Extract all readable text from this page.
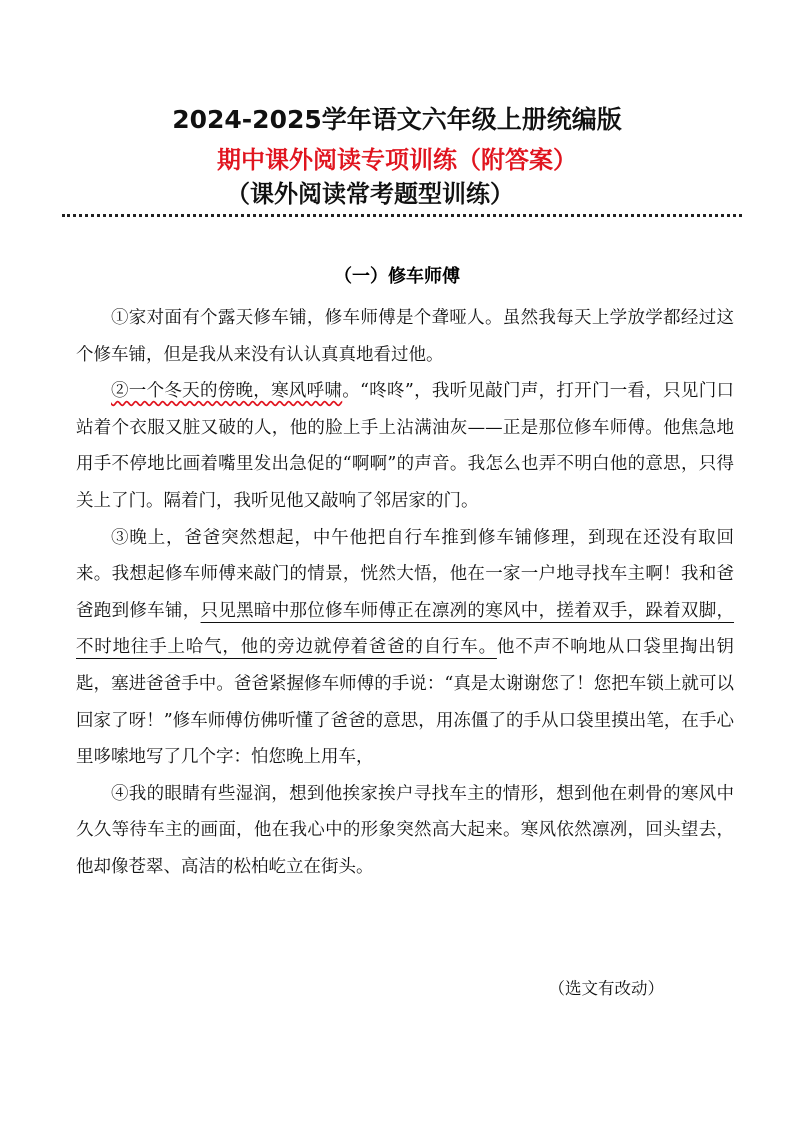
2024-2025学年语文六年级上册统编版
期中课外阅读专项训练（附答案）
（课外阅读常考题型训练）
（一）修车师傅

①家对面有个露天修车铺，修车师傅是个聋哑人。虽然我每天上学放学都经过这个修车铺，但是我从来没有认认真真地看过他。

②一个冬天的傍晚，寒风呼啸。“咚咚”，我听见敲门声，打开门一看，只见门口站着个衣服又脏又破的人，他的脸上手上沾满油灰——正是那位修车师傅。他焦急地用手不停地比画着嘴里发出急促的“啊啊”的声音。我怎么也弄不明白他的意思，只得关上了门。隔着门，我听见他又敲响了邻居家的门。

③晚上，爸爸突然想起，中午他把自行车推到修车铺修理，到现在还没有取回来。我想起修车师傅来敲门的情景，恍然大悟，他在一家一户地寻找车主啊！我和爸爸跑到修车铺，只见黑暗中那位修车师傅正在凛冽的寒风中，搓着双手，跺着双脚，不时地往手上哈气，他的旁边就停着爸爸的自行车。他不声不响地从口袋里掏出钥匙，塞进爸爸手中。爸爸紧握修车师傅的手说：“真是太谢谢您了！您把车锁上就可以回家了呀！”修车师傅仿佛听懂了爸爸的意思，用冻僵了的手从口袋里摸出笔，在手心里哆嗦地写了几个字：怕您晚上用车，

④我的眼睛有些湿润，想到他挨家挨户寻找车主的情形，想到他在刺骨的寒风中久久等待车主的画面，他在我心中的形象突然高大起来。寒风依然凛冽，回头望去，他却像苍翠、高洁的松柏屹立在街头。

（选文有改动）
